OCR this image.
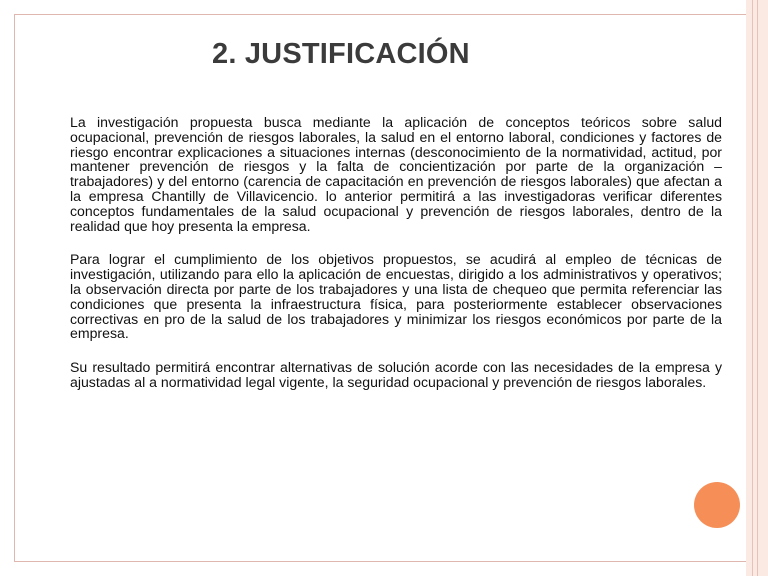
2. JUSTIFICACIÓN

La investigación propuesta busca mediante la aplicación de conceptos teóricos sobre salud ocupacional, prevención de riesgos laborales, la salud en el entorno laboral, condiciones y factores de riesgo encontrar explicaciones a situaciones internas (desconocimiento de la normatividad, actitud, por mantener prevención de riesgos y la falta de concientización por parte de la organización – trabajadores) y del entorno (carencia de capacitación en prevención de riesgos laborales) que afectan a la empresa Chantilly de Villavicencio. lo anterior permitirá a las investigadoras verificar diferentes conceptos fundamentales de la salud ocupacional y prevención de riesgos laborales, dentro de la realidad que hoy presenta la empresa.

Para lograr el cumplimiento de los objetivos propuestos, se acudirá al empleo de técnicas de investigación, utilizando para ello la aplicación de encuestas, dirigido a los administrativos y operativos; la observación directa por parte de los trabajadores y una lista de chequeo que permita referenciar las condiciones que presenta la infraestructura física, para posteriormente establecer observaciones correctivas en pro de la salud de los trabajadores y minimizar los riesgos económicos por parte de la empresa.

Su resultado permitirá encontrar alternativas de solución acorde con las necesidades de la empresa y ajustadas al a normatividad legal vigente, la seguridad ocupacional y prevención de riesgos laborales.
